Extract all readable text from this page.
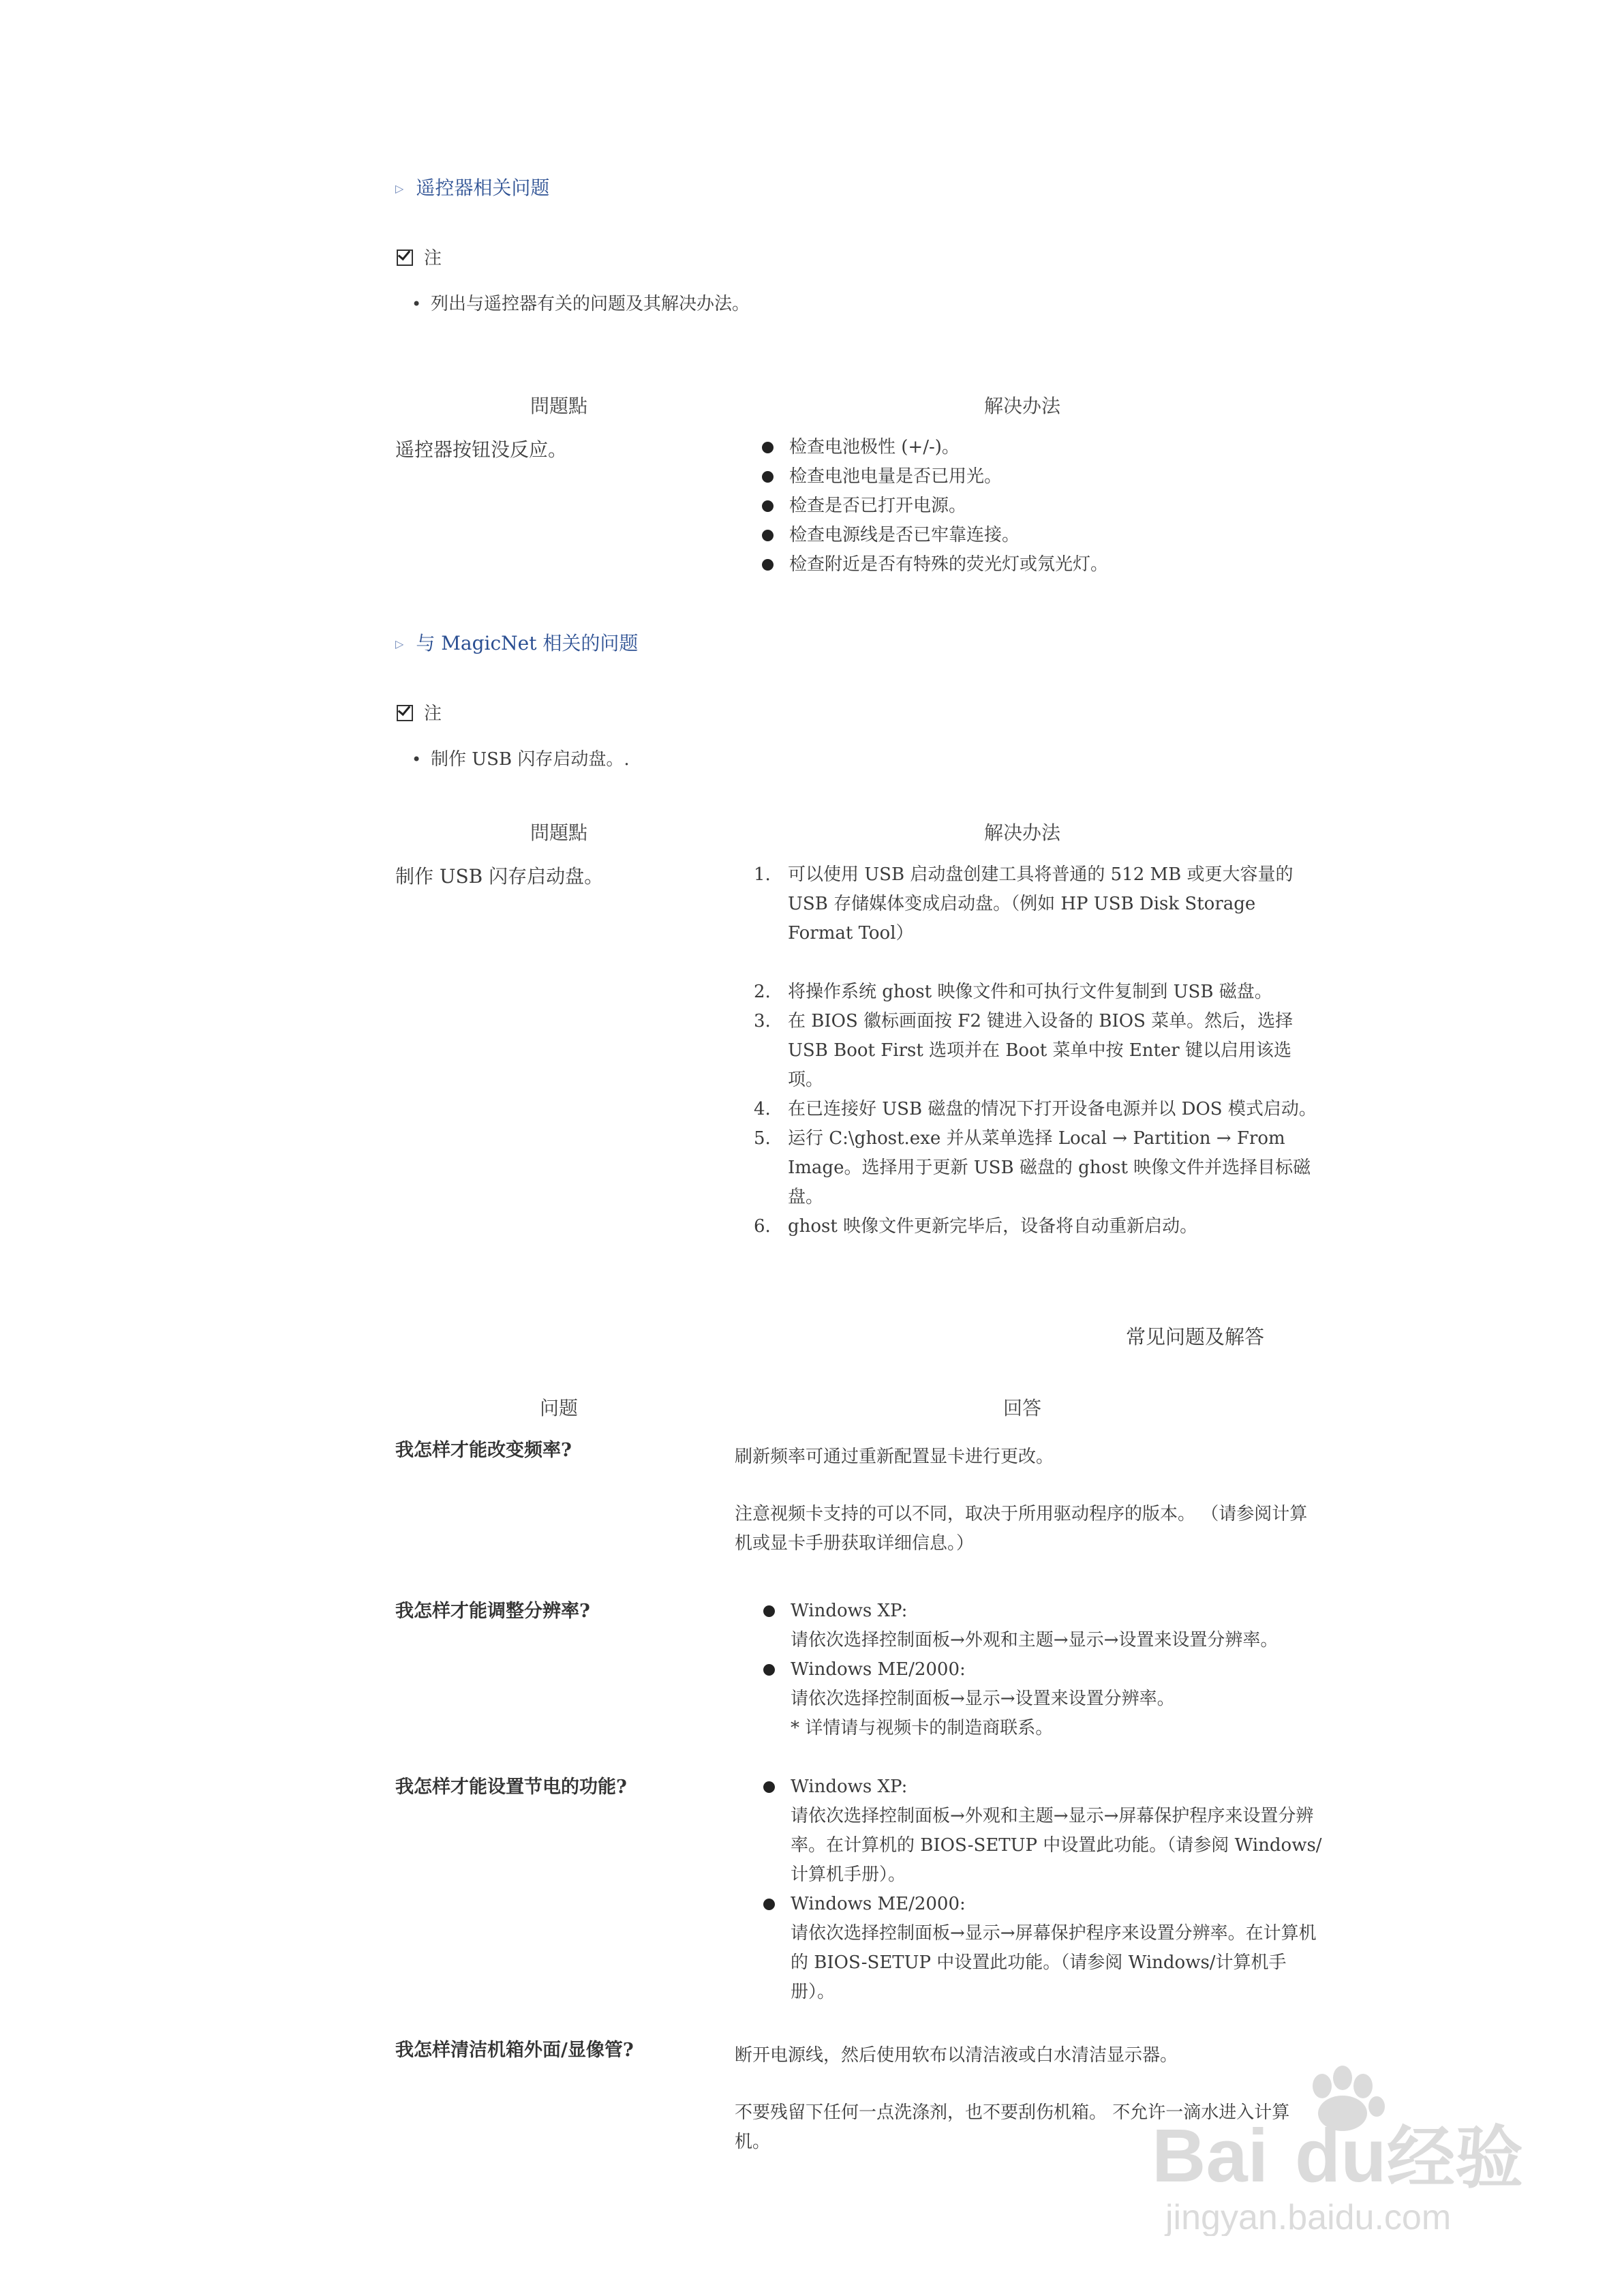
▷ 遥控器相关问题
注
• 列出与遥控器有关的问题及其解决办法。
問題點	解决办法
遥控器按钮没反应。	检查电池极性 (+/-)。
检查电池电量是否已用光。
检查是否已打开电源。
检查电源线是否已牢靠连接。
检查附近是否有特殊的荧光灯或氖光灯。
▷ 与 MagicNet 相关的问题
注
• 制作 USB 闪存启动盘。.
問題點	解决办法
制作 USB 闪存启动盘。	1. 可以使用 USB 启动盘创建工具将普通的 512 MB 或更大容量的 USB 存储媒体变成启动盘。（例如 HP USB Disk Storage Format Tool）
2. 将操作系统 ghost 映像文件和可执行文件复制到 USB 磁盘。
3. 在 BIOS 徽标画面按 F2 键进入设备的 BIOS 菜单。然后，选择 USB Boot First 选项并在 Boot 菜单中按 Enter 键以启用该选项。
4. 在已连接好 USB 磁盘的情况下打开设备电源并以 DOS 模式启动。
5. 运行 C:\ghost.exe 并从菜单选择 Local → Partition → From Image。选择用于更新 USB 磁盘的 ghost 映像文件并选择目标磁盘。
6. ghost 映像文件更新完毕后，设备将自动重新启动。
常见问题及解答
问题	回答
我怎样才能改变频率?	刷新频率可通过重新配置显卡进行更改。
注意视频卡支持的可以不同，取决于所用驱动程序的版本。 （请参阅计算机或显卡手册获取详细信息。）
我怎样才能调整分辨率?	Windows XP:
请依次选择控制面板→外观和主题→显示→设置来设置分辨率。
Windows ME/2000:
请依次选择控制面板→显示→设置来设置分辨率。
* 详情请与视频卡的制造商联系。
我怎样才能设置节电的功能?	Windows XP:
请依次选择控制面板→外观和主题→显示→屏幕保护程序来设置分辨率。在计算机的 BIOS-SETUP 中设置此功能。（请参阅 Windows/计算机手册）。
Windows ME/2000:
请依次选择控制面板→显示→屏幕保护程序来设置分辨率。在计算机的 BIOS-SETUP 中设置此功能。（请参阅 Windows/计算机手册）。
我怎样清洁机箱外面/显像管?	断开电源线，然后使用软布以清洁液或白水清洁显示器。
不要残留下任何一点洗涤剂，也不要刮伤机箱。 不允许一滴水进入计算机。	Bai du 经验
jingyan.baidu.com
